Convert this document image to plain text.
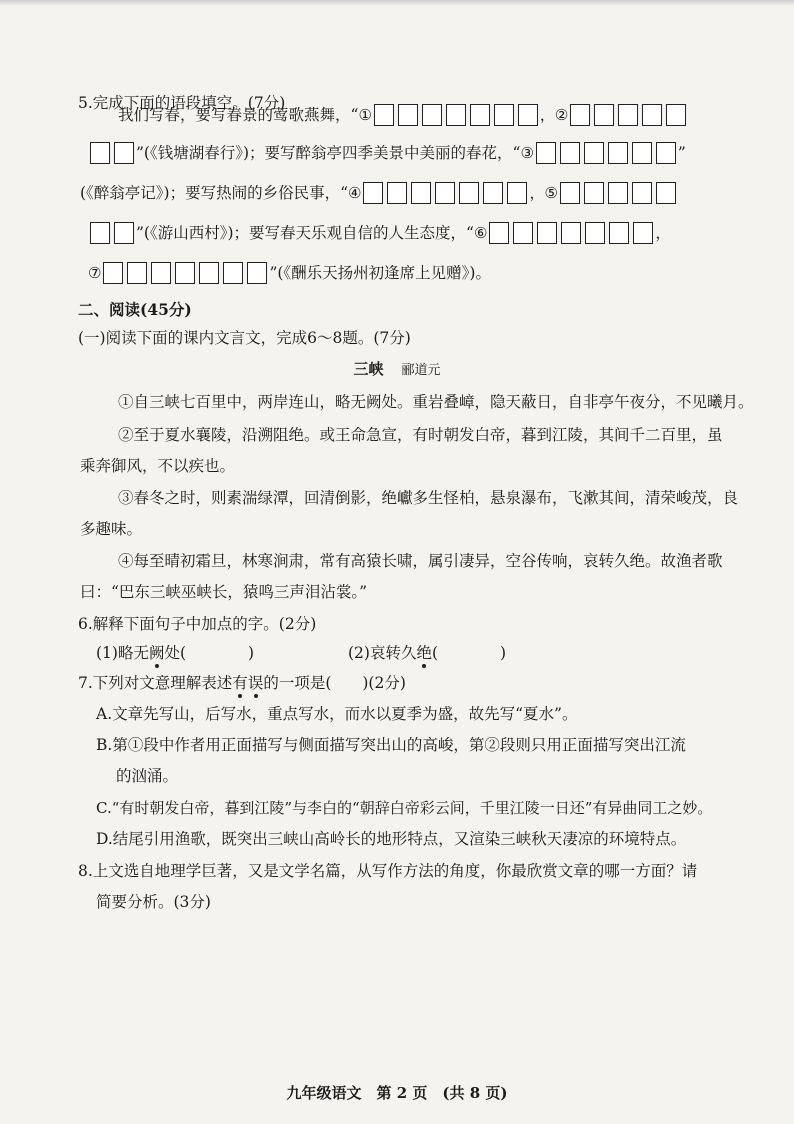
5.完成下面的语段填空。(7分)
我们写春，要写春景的莺歌燕舞，“①	，②
”(《钱塘湖春行》)；要写醉翁亭四季美景中美丽的春花，“③	”
(《醉翁亭记》)；要写热闹的乡俗民事，“④	，⑤
”(《游山西村》)；要写春天乐观自信的人生态度，“⑥	，
⑦	”(《酬乐天扬州初逢席上见赠》)。
二、阅读(45分)
(一)阅读下面的课内文言文，完成6～8题。(7分)
三峡 郦道元
①自三峡七百里中，两岸连山，略无阙处。重岩叠嶂，隐天蔽日，自非亭午夜分，不见曦月。
②至于夏水襄陵，沿溯阻绝。或王命急宣，有时朝发白帝，暮到江陵，其间千二百里，虽
乘奔御风，不以疾也。
③春冬之时，则素湍绿潭，回清倒影，绝巘多生怪柏，悬泉瀑布，飞漱其间，清荣峻茂，良
多趣味。
④每至晴初霜旦，林寒涧肃，常有高猿长啸，属引凄异，空谷传响，哀转久绝。故渔者歌
曰：“巴东三峡巫峡长，猿鸣三声泪沾裳。”
6.解释下面句子中加点的字。(2分)
(1)略无阙处(　　　　)	(2)哀转久绝(　　　　)
7.下列对文意理解表述有误的一项是(　　)(2分)
A.文章先写山，后写水，重点写水，而水以夏季为盛，故先写“夏水”。
B.第①段中作者用正面描写与侧面描写突出山的高峻，第②段则只用正面描写突出江流
的汹涌。
C.“有时朝发白帝，暮到江陵”与李白的“朝辞白帝彩云间，千里江陵一日还”有异曲同工之妙。
D.结尾引用渔歌，既突出三峡山高岭长的地形特点，又渲染三峡秋天凄凉的环境特点。
8.上文选自地理学巨著，又是文学名篇，从写作方法的角度，你最欣赏文章的哪一方面？请
简要分析。(3分)
九年级语文　第 2 页　(共 8 页)
